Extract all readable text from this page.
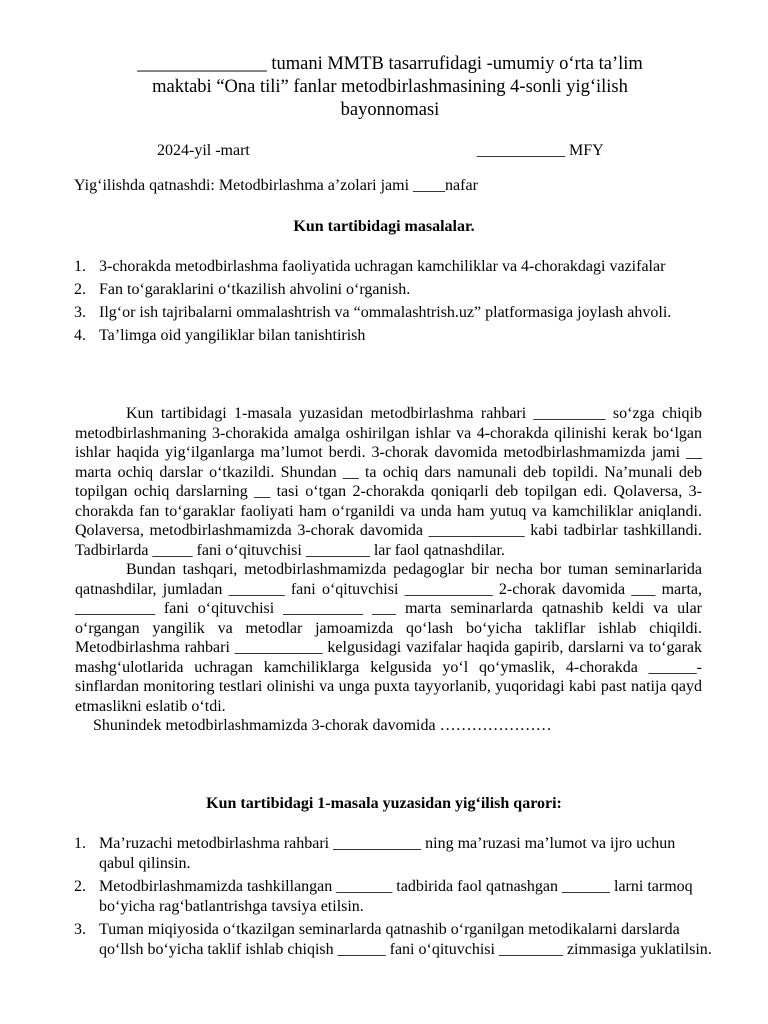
______________ tumani MMTB tasarrufidagi -umumiy o‘rta ta’lim
maktabi “Ona tili” fanlar metodbirlashmasining 4-sonli yig‘ilish
bayonnomasi
2024-yil -mart	___________ MFY
Yig‘ilishda qatnashdi: Metodbirlashma a’zolari jami ____nafar
Kun tartibidagi masalalar.
1. 3-chorakda metodbirlashma faoliyatida uchragan kamchiliklar va 4-chorakdagi vazifalar
2. Fan to‘garaklarini o‘tkazilish ahvolini o‘rganish.
3. Ilg‘or ish tajribalarni ommalashtrish va “ommalashtrish.uz” platformasiga joylash ahvoli.
4. Ta’limga oid yangiliklar bilan tanishtirish

Kun tartibidagi 1-masala yuzasidan metodbirlashma rahbari _________ so‘zga chiqib metodbirlashmaning 3-chorakida amalga oshirilgan ishlar va 4-chorakda qilinishi kerak bo‘lgan ishlar haqida yig‘ilganlarga ma’lumot berdi. 3-chorak davomida metodbirlashmamizda jami __ marta ochiq darslar o‘tkazildi. Shundan __ ta ochiq dars namunali deb topildi. Na’munali deb topilgan ochiq darslarning __ tasi o‘tgan 2-chorakda qoniqarli deb topilgan edi. Qolaversa, 3-chorakda fan to‘garaklar faoliyati ham o‘rganildi va unda ham yutuq va kamchiliklar aniqlandi. Qolaversa, metodbirlashmamizda 3-chorak davomida ____________ kabi tadbirlar tashkillandi. Tadbirlarda _____ fani o‘qituvchisi ________ lar faol qatnashdilar.

Bundan tashqari, metodbirlashmamizda pedagoglar bir necha bor tuman seminarlarida qatnashdilar, jumladan _______ fani o‘qituvchisi ___________ 2-chorak davomida ___ marta, __________ fani o‘qituvchisi __________ ___ marta seminarlarda qatnashib keldi va ular o‘rgangan yangilik va metodlar jamoamizda qo‘lash bo‘yicha takliflar ishlab chiqildi. Metodbirlashma rahbari ___________ kelgusidagi vazifalar haqida gapirib, darslarni va to‘garak mashg‘ulotlarida uchragan kamchiliklarga kelgusida yo‘l qo‘ymaslik, 4-chorakda ______-sinflardan monitoring testlari olinishi va unga puxta tayyorlanib, yuqoridagi kabi past natija qayd etmaslikni eslatib o‘tdi.

Shunindek metodbirlashmamizda 3-chorak davomida …………………

Kun tartibidagi 1-masala yuzasidan yig‘ilish qarori:
1. Ma’ruzachi metodbirlashma rahbari ___________ ning ma’ruzasi ma’lumot va ijro uchun qabul qilinsin.
2. Metodbirlashmamizda tashkillangan _______ tadbirida faol qatnashgan ______ larni tarmoq bo‘yicha rag‘batlantrishga tavsiya etilsin.
3. Tuman miqiyosida o‘tkazilgan seminarlarda qatnashib o‘rganilgan metodikalarni darslarda qo‘llsh bo‘yicha taklif ishlab chiqish ______ fani o‘qituvchisi ________ zimmasiga yuklatilsin.
